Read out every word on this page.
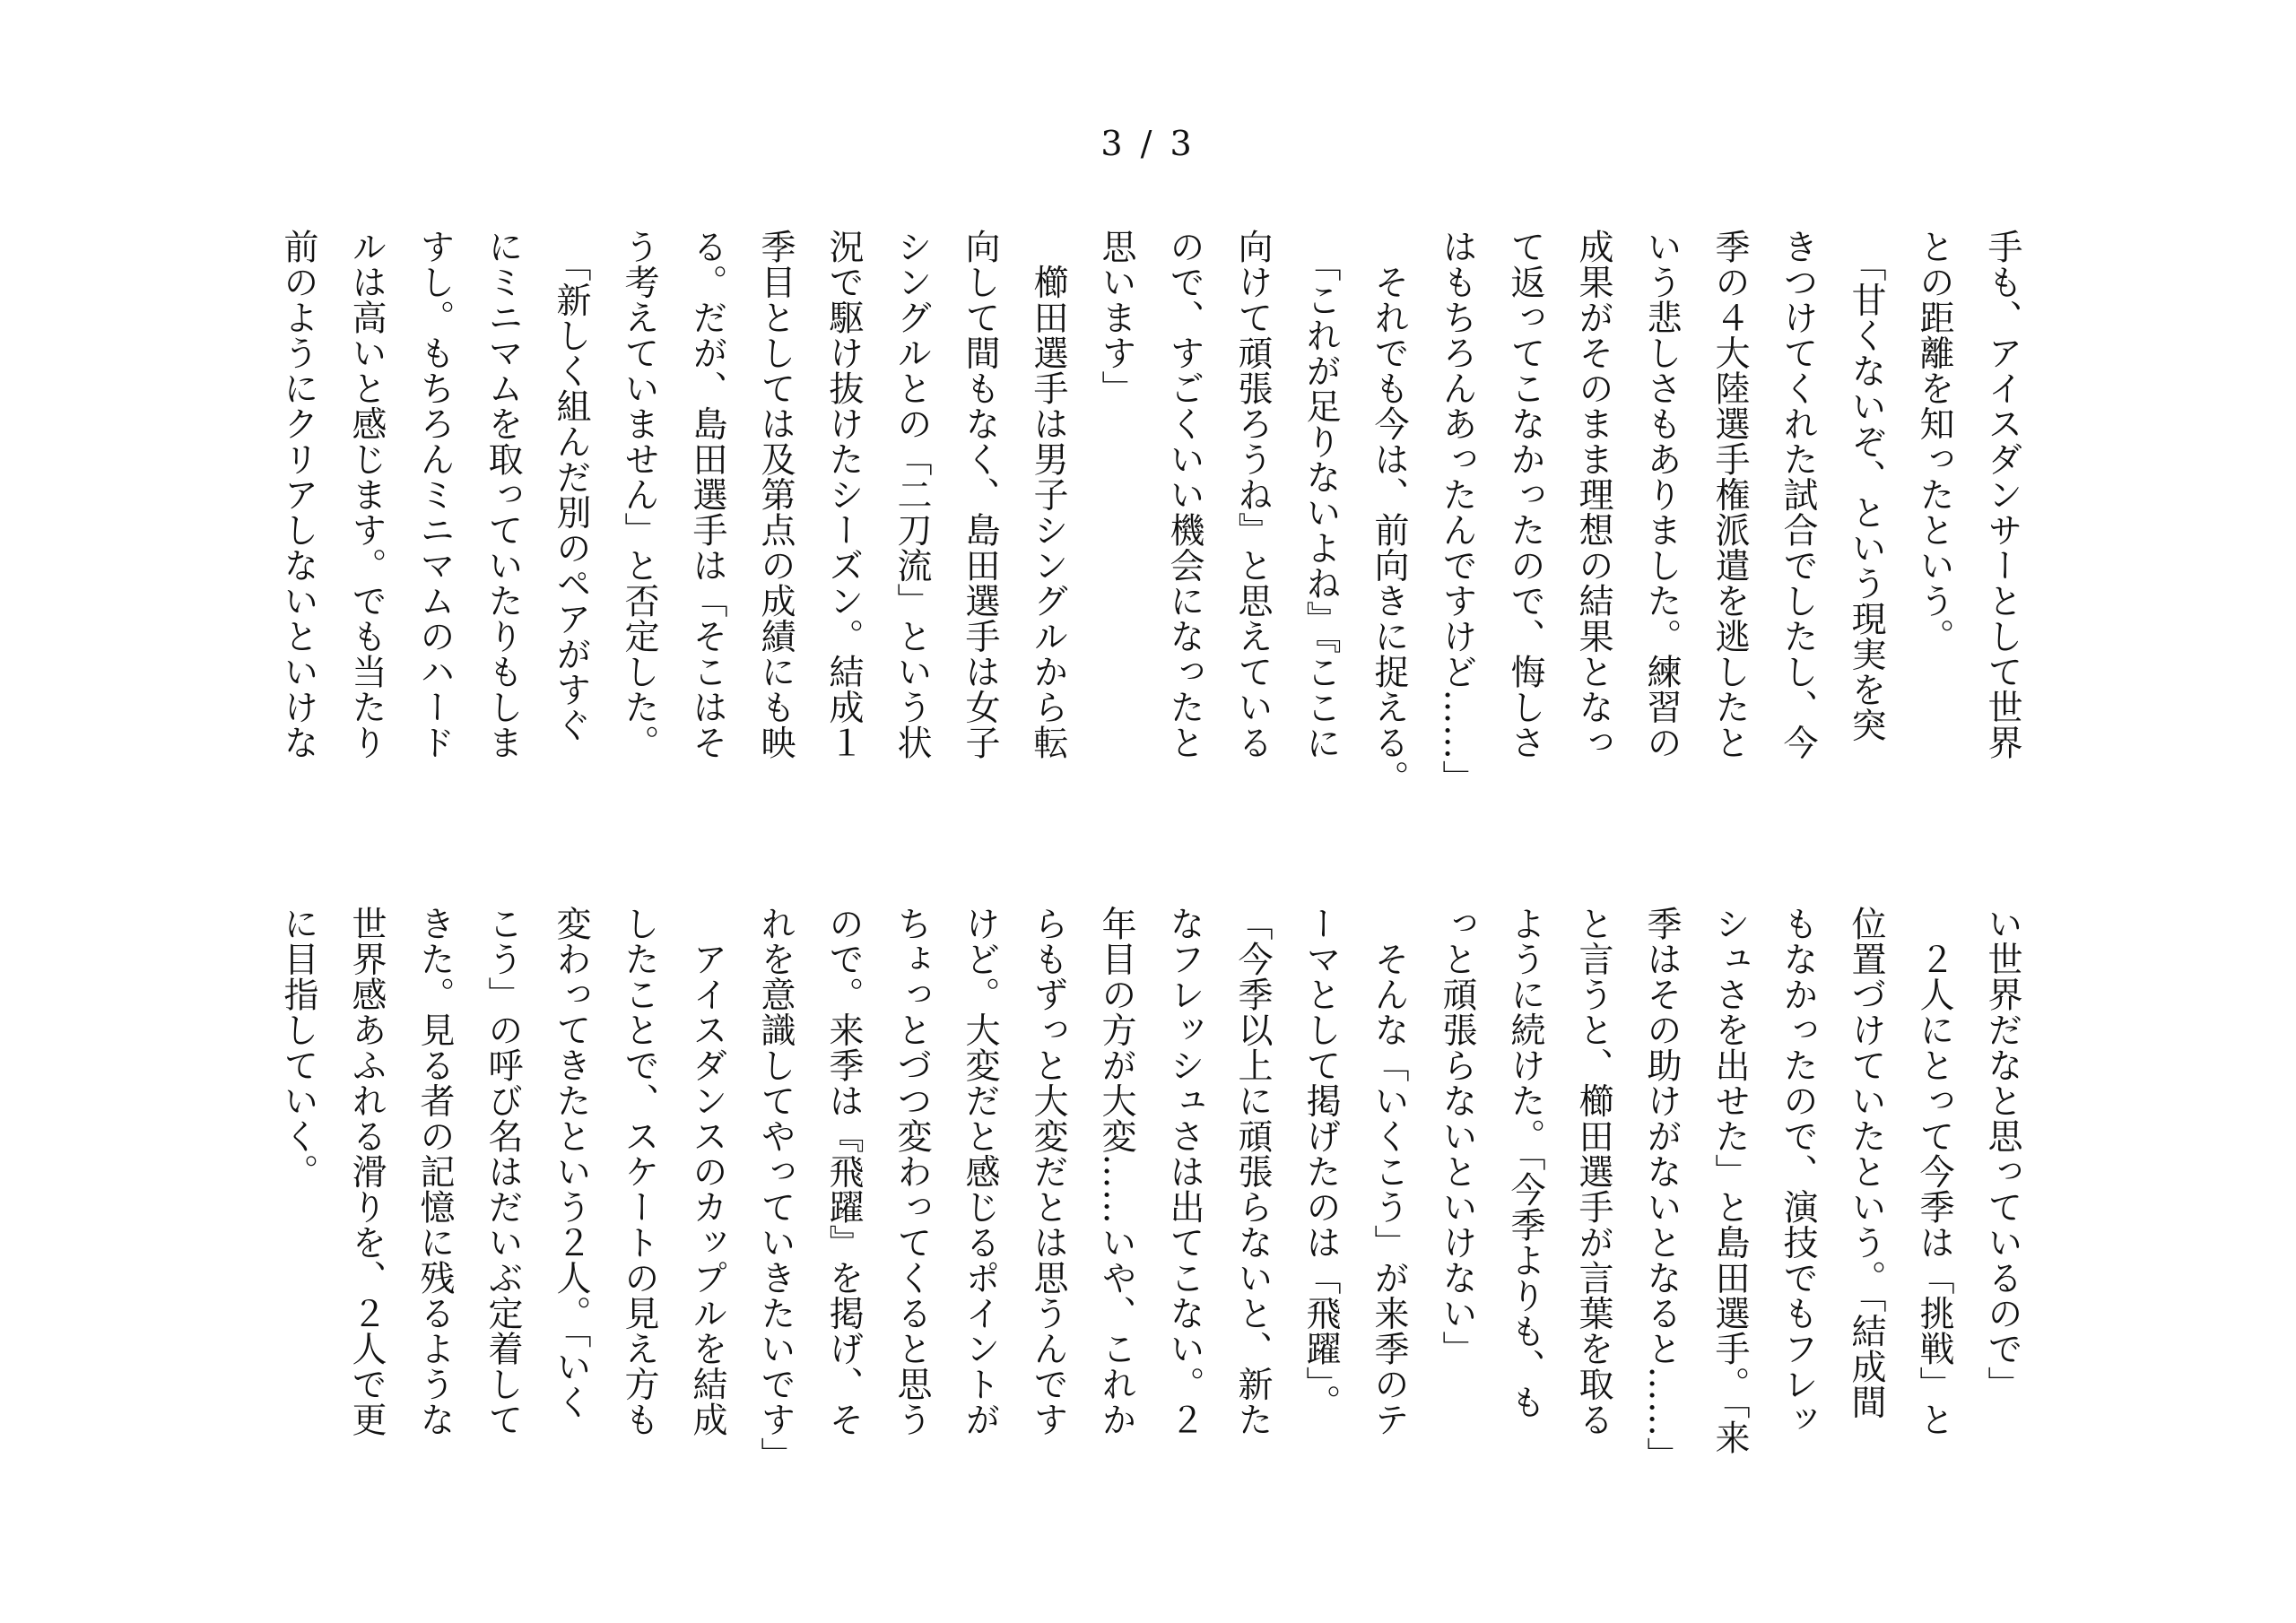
3 / 3
手も、アイスダンサーとして世界
との距離を知ったという。
　「甘くないぞ、という現実を突
きつけてくれた試合でしたし、今
季の４大陸選手権派遣を逃したと
いう悲しさもありました。練習の
成果がそのまま理想の結果となっ
て返ってこなかったので、悔しさ
はもちろんあったんですけど……」
　それでも今は、前向きに捉える。
　「これが足りないよね』『ここに
向けて頑張ろうね』と思えている
ので、すごくいい機会になったと
思います」
　櫛田選手は男子シングルから転
向して間もなく、島田選手は女子
シングルとの「二刀流」という状
況で駆け抜けたシーズン。結成１
季目としては及第点の成績にも映
る。だが、島田選手は「そこはそ
う考えていません」と否定した。
　「新しく組んだ別のペアがすぐ
にミニマムを取っていたりもしま
すし。もちろんミニマムのハード
ルは高いと感じます。でも当たり
前のようにクリアしないといけな
い世界だなと思っているので」
　２人にとって今季は「挑戦」と
位置づけていたという。「結成間
もなかったので、演技でもフレッ
シュさを出せた」と島田選手。「来
季はその助けがないとなると……」
と言うと、櫛田選手が言葉を取る
ように続けた。「今季よりも、も
っと頑張らないといけない」
　そんな「いくこう」が来季のテ
ーマとして掲げたのは「飛躍」。
「今季以上に頑張らないと、新た
なフレッシュさは出てこない。２
年目の方が大変……いや、これか
らもずっと大変だとは思うんです
けど。大変だと感じるポイントが
ちょっとづつ変わってくると思う
ので。来季は『飛躍』を掲げ、そ
れを意識してやっていきたいです」
　アイスダンスのカップルを結成
したことで、スケートの見え方も
変わってきたという２人。「いく
こう」の呼び名はだいぶ定着して
きた。見る者の記憶に残るような
世界感あふれる滑りを、２人で更
に目指していく。
